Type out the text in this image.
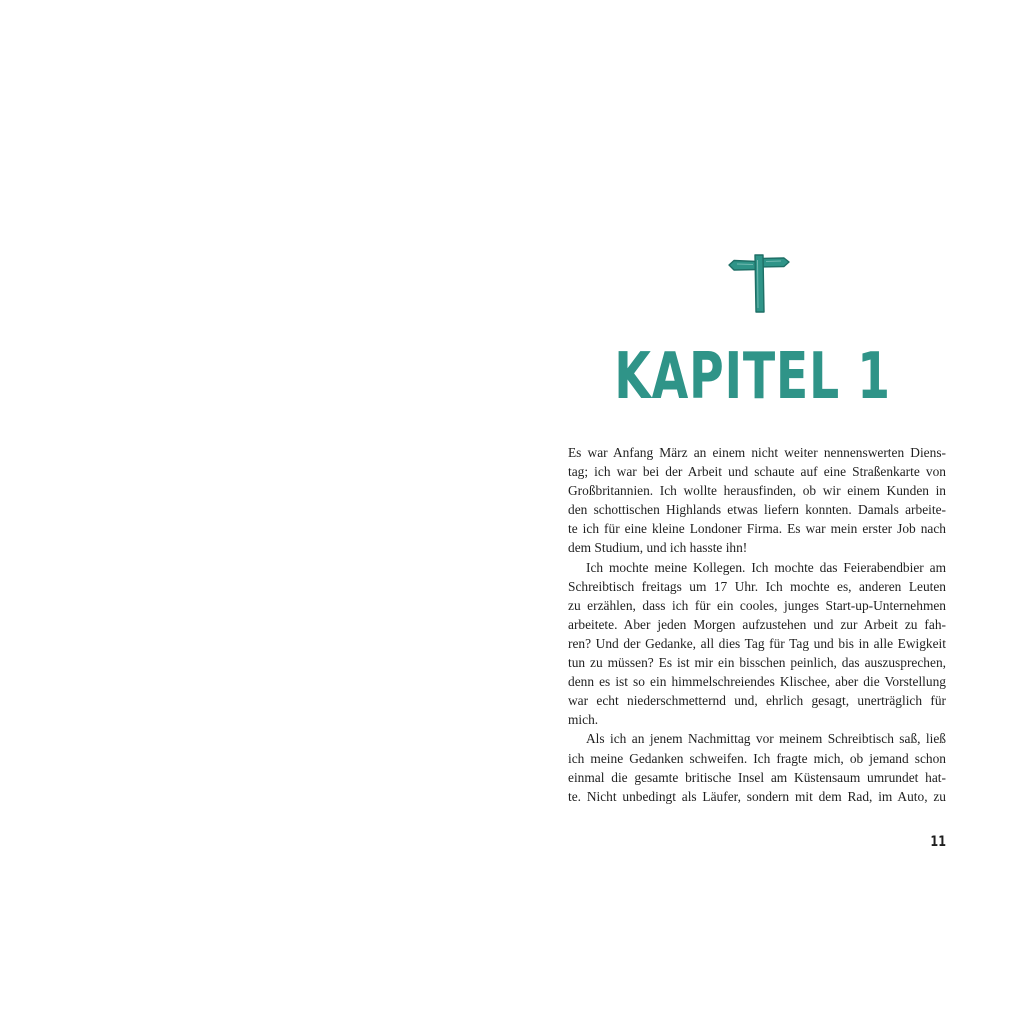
KAPITEL 1
Es war Anfang März an einem nicht weiter nennenswerten Diens-
tag; ich war bei der Arbeit und schaute auf eine Straßenkarte von
Großbritannien. Ich wollte herausfinden, ob wir einem Kunden in
den schottischen Highlands etwas liefern konnten. Damals arbeite-
te ich für eine kleine Londoner Firma. Es war mein erster Job nach
dem Studium, und ich hasste ihn!
Ich mochte meine Kollegen. Ich mochte das Feierabendbier am
Schreibtisch freitags um 17 Uhr. Ich mochte es, anderen Leuten
zu erzählen, dass ich für ein cooles, junges Start-up-Unternehmen
arbeitete. Aber jeden Morgen aufzustehen und zur Arbeit zu fah-
ren? Und der Gedanke, all dies Tag für Tag und bis in alle Ewigkeit
tun zu müssen? Es ist mir ein bisschen peinlich, das auszusprechen,
denn es ist so ein himmelschreiendes Klischee, aber die Vorstellung
war echt niederschmetternd und, ehrlich gesagt, unerträglich für
mich.
Als ich an jenem Nachmittag vor meinem Schreibtisch saß, ließ
ich meine Gedanken schweifen. Ich fragte mich, ob jemand schon
einmal die gesamte britische Insel am Küstensaum umrundet hat-
te. Nicht unbedingt als Läufer, sondern mit dem Rad, im Auto, zu
11
